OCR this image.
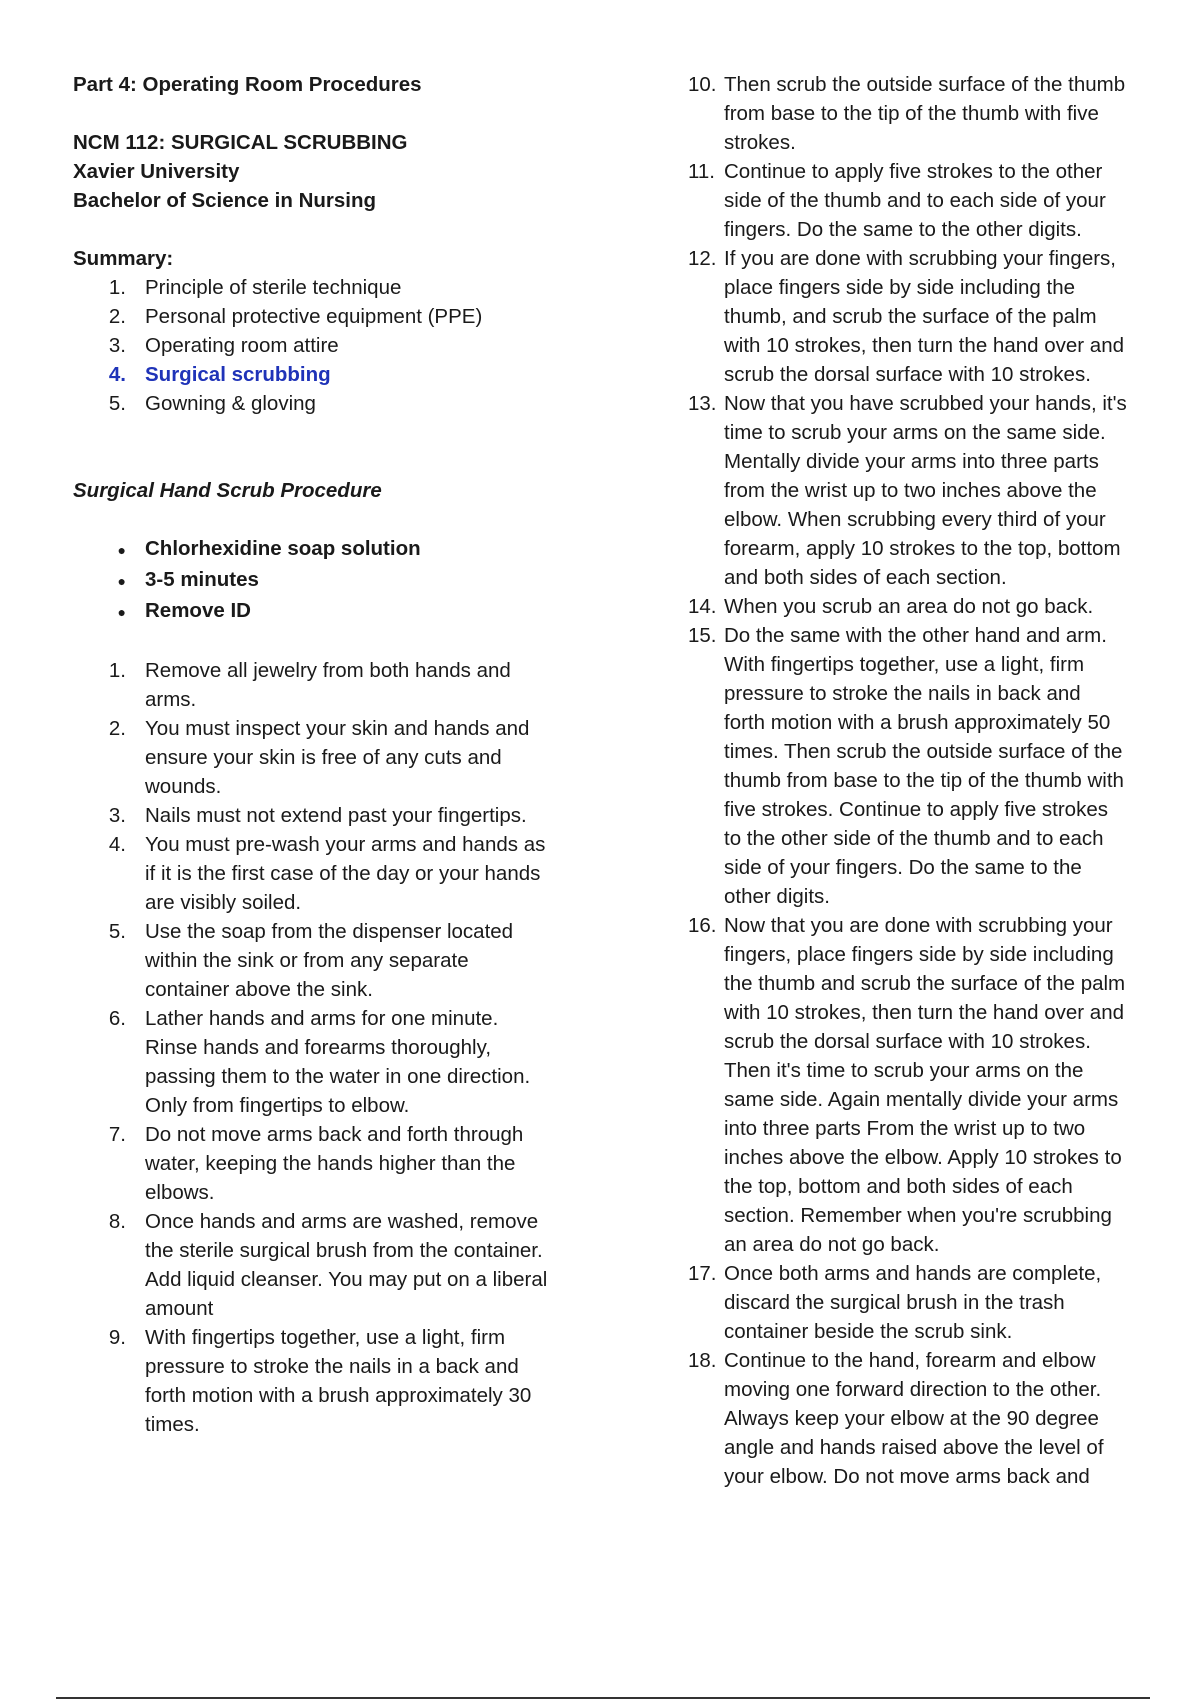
Part 4: Operating Room Procedures
NCM 112: SURGICAL SCRUBBING
Xavier University
Bachelor of Science in Nursing
Summary:
1. Principle of sterile technique
2. Personal protective equipment (PPE)
3. Operating room attire
4. Surgical scrubbing
5. Gowning & gloving
Surgical Hand Scrub Procedure
● Chlorhexidine soap solution
● 3-5 minutes
● Remove ID
1. Remove all jewelry from both hands and
arms.
2. You must inspect your skin and hands and
ensure your skin is free of any cuts and
wounds.
3. Nails must not extend past your fingertips.
4. You must pre-wash your arms and hands as
if it is the first case of the day or your hands
are visibly soiled.
5. Use the soap from the dispenser located
within the sink or from any separate
container above the sink.
6. Lather hands and arms for one minute.
Rinse hands and forearms thoroughly,
passing them to the water in one direction.
Only from fingertips to elbow.
7. Do not move arms back and forth through
water, keeping the hands higher than the
elbows.
8. Once hands and arms are washed, remove
the sterile surgical brush from the container.
Add liquid cleanser. You may put on a liberal
amount
9. With fingertips together, use a light, firm
pressure to stroke the nails in a back and
forth motion with a brush approximately 30
times.
10. Then scrub the outside surface of the thumb
from base to the tip of the thumb with five
strokes.
11. Continue to apply five strokes to the other
side of the thumb and to each side of your
fingers. Do the same to the other digits.
12. If you are done with scrubbing your fingers,
place fingers side by side including the
thumb, and scrub the surface of the palm
with 10 strokes, then turn the hand over and
scrub the dorsal surface with 10 strokes.
13. Now that you have scrubbed your hands, it's
time to scrub your arms on the same side.
Mentally divide your arms into three parts
from the wrist up to two inches above the
elbow. When scrubbing every third of your
forearm, apply 10 strokes to the top, bottom
and both sides of each section.
14. When you scrub an area do not go back.
15. Do the same with the other hand and arm.
With fingertips together, use a light, firm
pressure to stroke the nails in back and
forth motion with a brush approximately 50
times. Then scrub the outside surface of the
thumb from base to the tip of the thumb with
five strokes. Continue to apply five strokes
to the other side of the thumb and to each
side of your fingers. Do the same to the
other digits.
16. Now that you are done with scrubbing your
fingers, place fingers side by side including
the thumb and scrub the surface of the palm
with 10 strokes, then turn the hand over and
scrub the dorsal surface with 10 strokes.
Then it's time to scrub your arms on the
same side. Again mentally divide your arms
into three parts From the wrist up to two
inches above the elbow. Apply 10 strokes to
the top, bottom and both sides of each
section. Remember when you're scrubbing
an area do not go back.
17. Once both arms and hands are complete,
discard the surgical brush in the trash
container beside the scrub sink.
18. Continue to the hand, forearm and elbow
moving one forward direction to the other.
Always keep your elbow at the 90 degree
angle and hands raised above the level of
your elbow. Do not move arms back and
